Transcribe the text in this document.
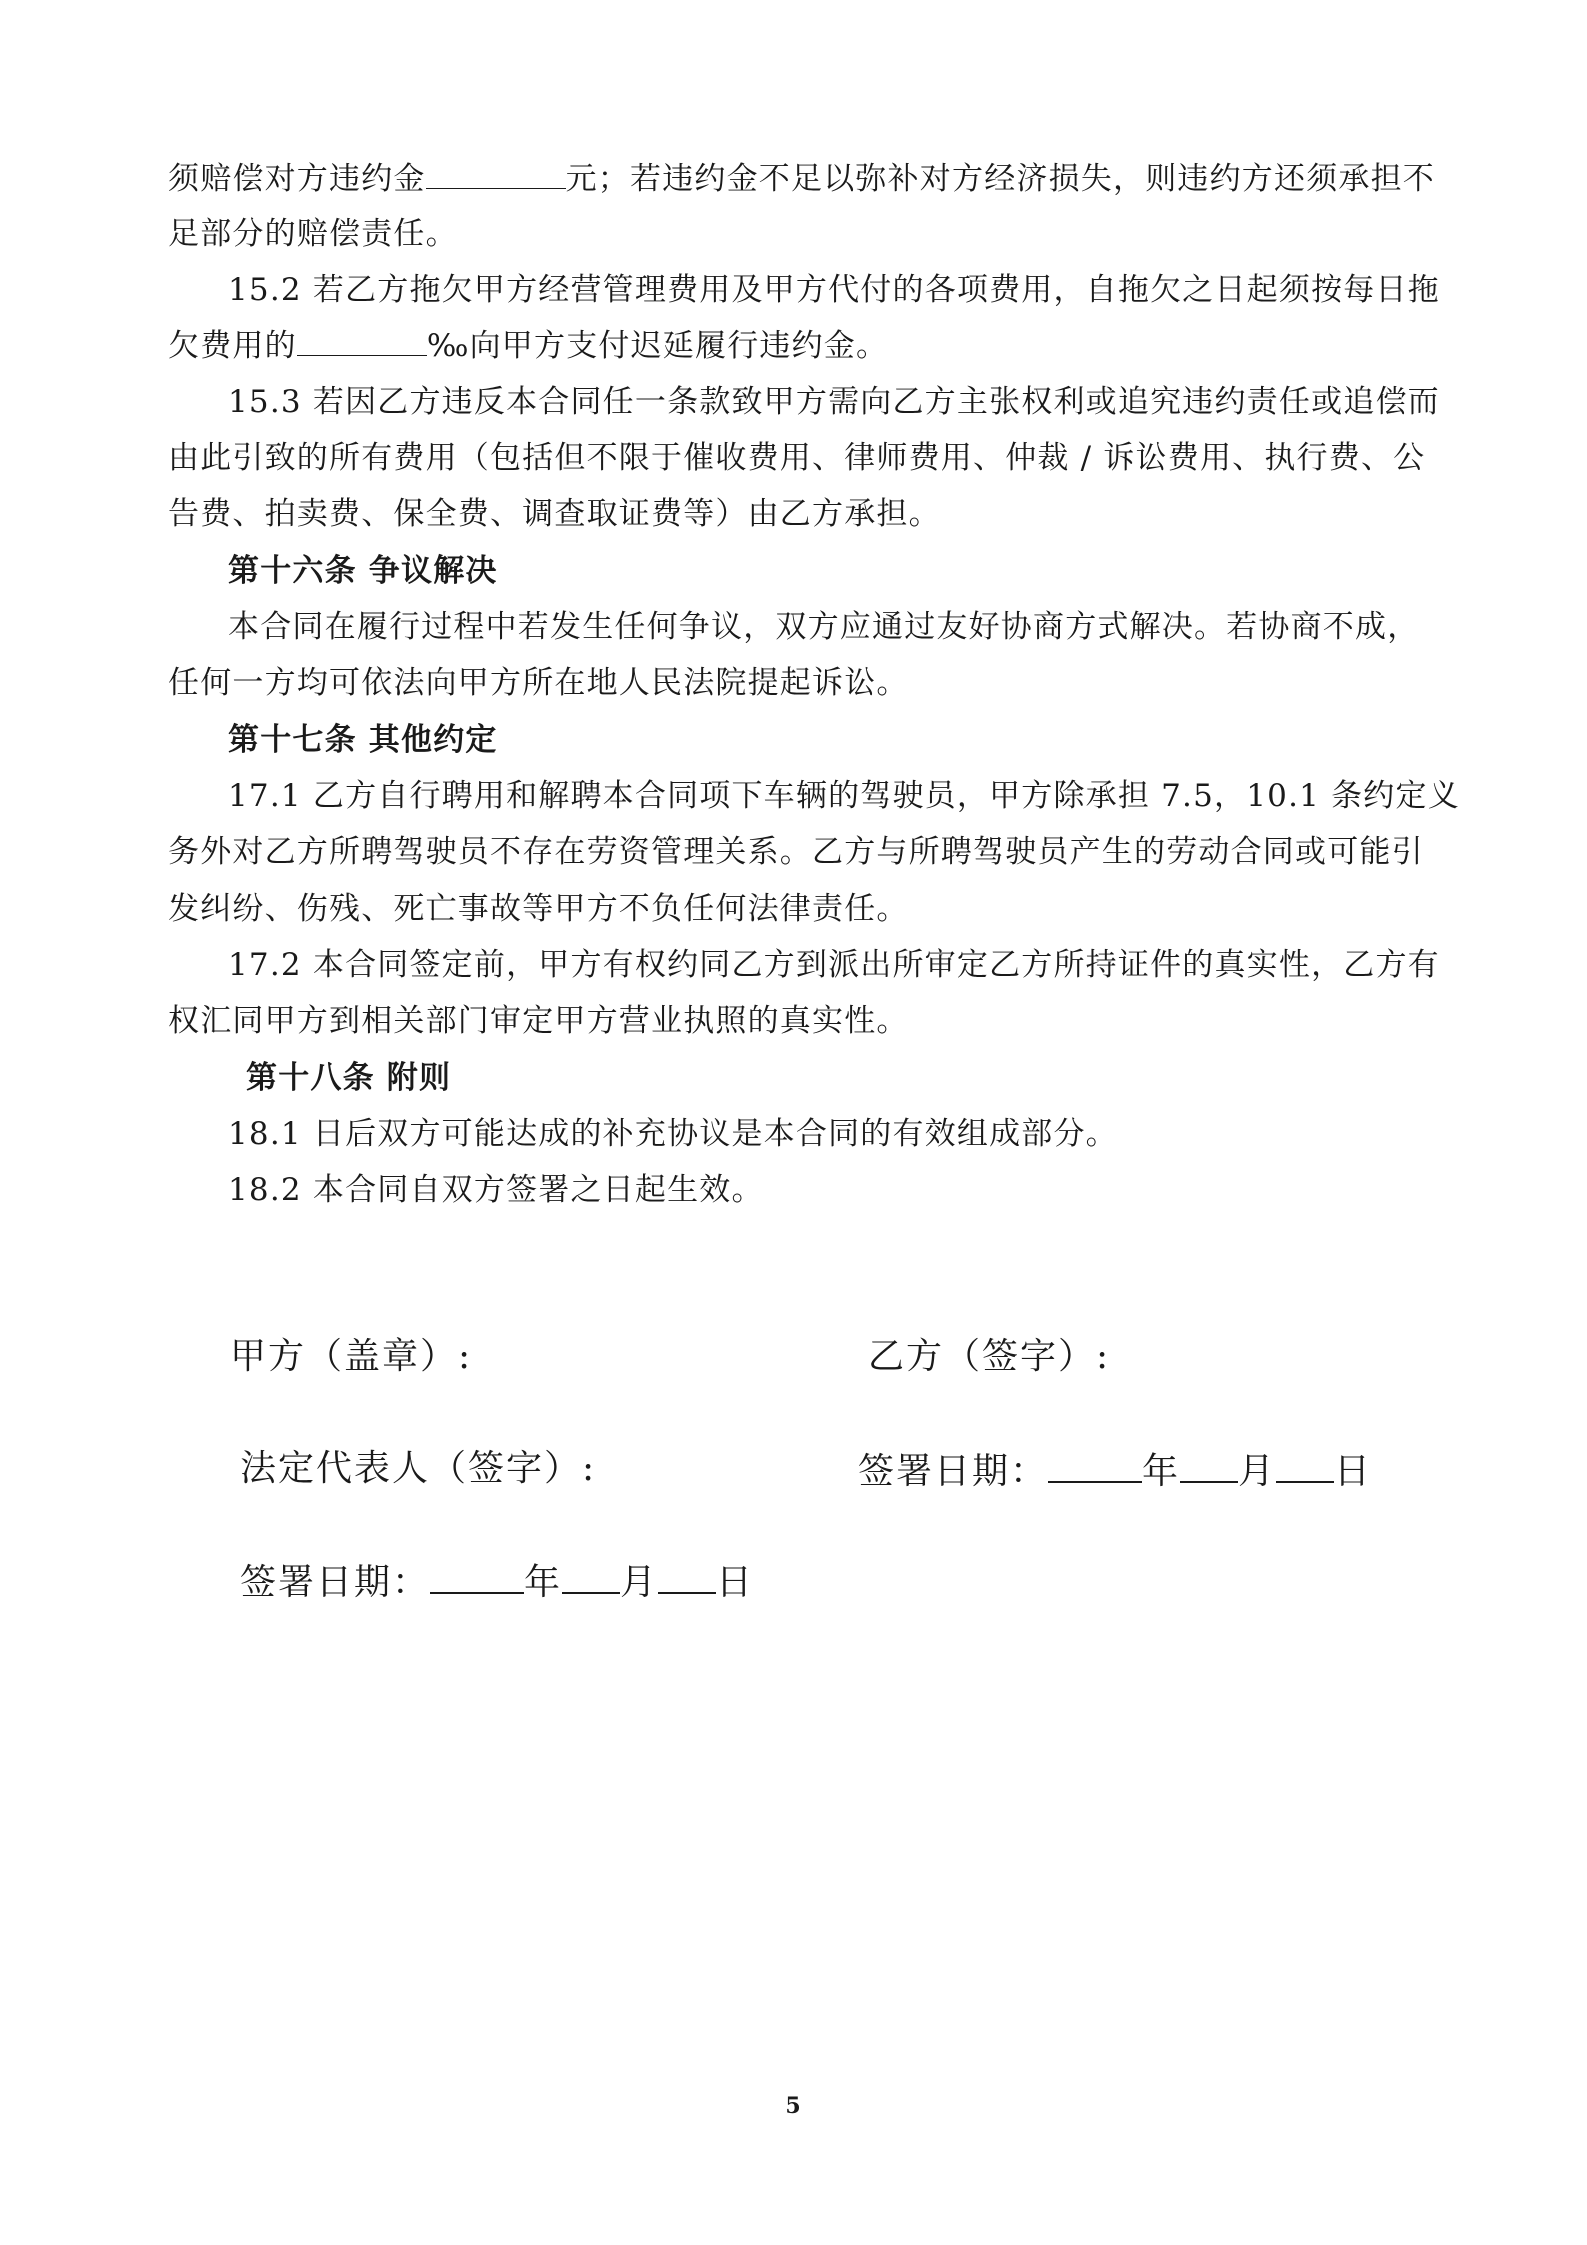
须赔偿对方违约金	元；若违约金不足以弥补对方经济损失，则违约方还须承担不
足部分的赔偿责任。
15.2 若乙方拖欠甲方经营管理费用及甲方代付的各项费用，自拖欠之日起须按每日拖
欠费用的	‰向甲方支付迟延履行违约金。
15.3 若因乙方违反本合同任一条款致甲方需向乙方主张权利或追究违约责任或追偿而
由此引致的所有费用（包括但不限于催收费用、律师费用、仲裁 / 诉讼费用、执行费、公
告费、拍卖费、保全费、调查取证费等）由乙方承担。
第十六条 争议解决
本合同在履行过程中若发生任何争议，双方应通过友好协商方式解决。若协商不成，
任何一方均可依法向甲方所在地人民法院提起诉讼。
第十七条 其他约定
17.1 乙方自行聘用和解聘本合同项下车辆的驾驶员，甲方除承担 7.5，10.1 条约定义
务外对乙方所聘驾驶员不存在劳资管理关系。乙方与所聘驾驶员产生的劳动合同或可能引
发纠纷、伤残、死亡事故等甲方不负任何法律责任。
17.2 本合同签定前，甲方有权约同乙方到派出所审定乙方所持证件的真实性，乙方有
权汇同甲方到相关部门审定甲方营业执照的真实性。
第十八条 附则
18.1 日后双方可能达成的补充协议是本合同的有效组成部分。
18.2 本合同自双方签署之日起生效。
甲方（盖章）:	乙方（签字）:
法定代表人（签字）:	签署日期：	年 月 日
签署日期：	年 月 日
5
